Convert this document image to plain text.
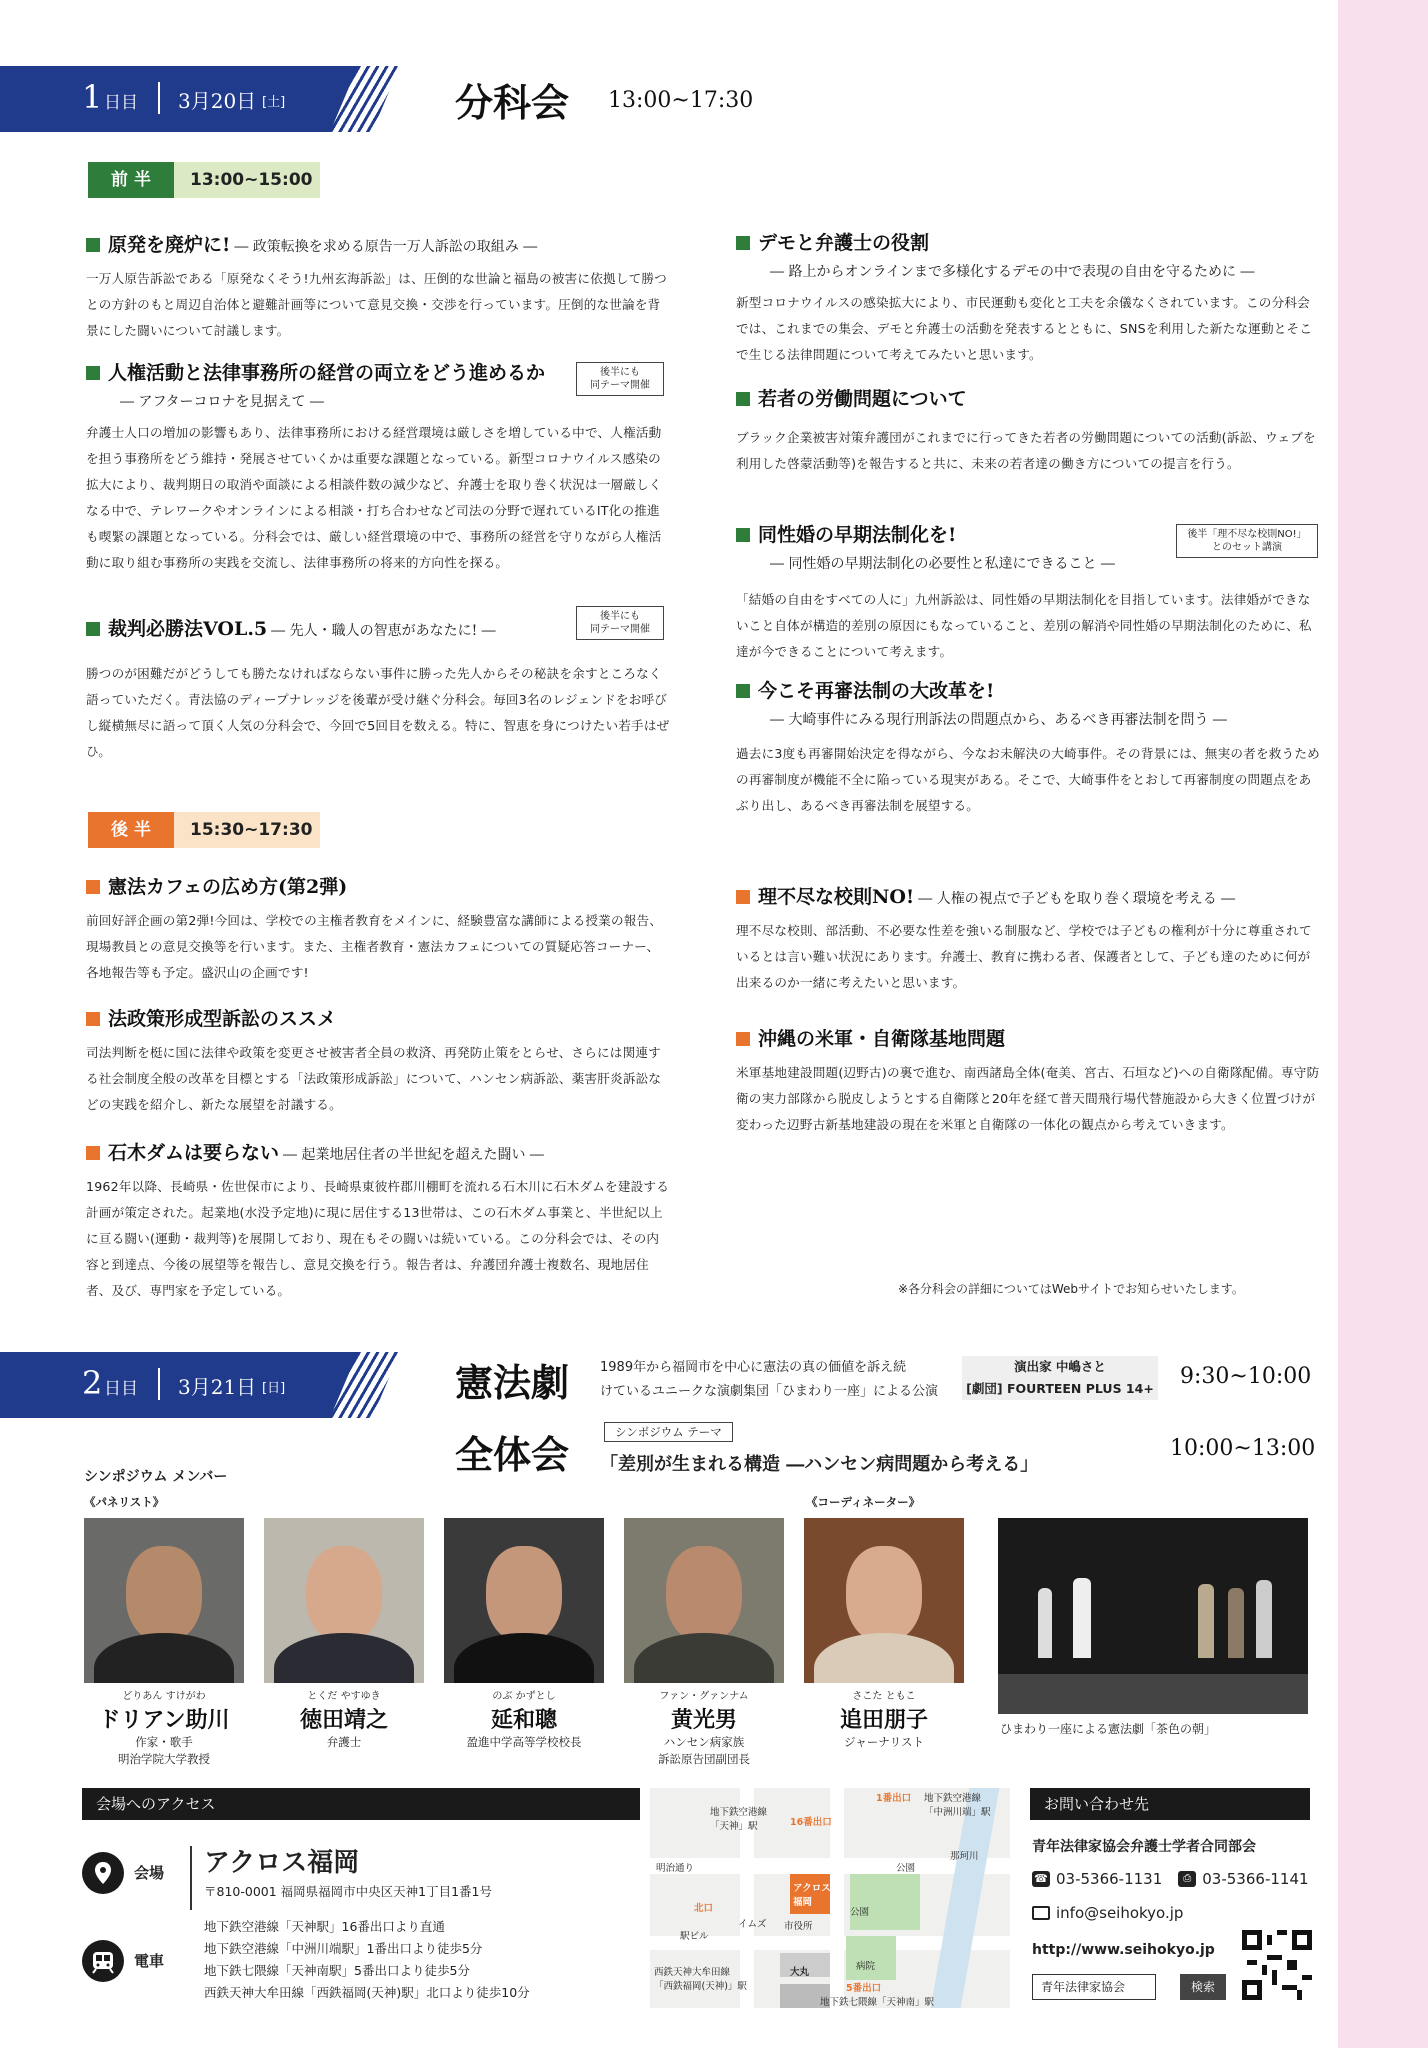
1 日目 3月20日 [土]	分科会 13:00~17:30
前 半	13:00~15:00
原発を廃炉に! ― 政策転換を求める原告一万人訴訟の取組み ―
一万人原告訴訟である「原発なくそう!九州玄海訴訟」は、圧倒的な世論と福島の被害に依拠して勝つとの方針のもと周辺自治体と避難計画等について意見交換・交渉を行っています。圧倒的な世論を背景にした闘いについて討議します。
人権活動と法律事務所の経営の両立をどう進めるか
― アフターコロナを見据えて ―
弁護士人口の増加の影響もあり、法律事務所における経営環境は厳しさを増している中で、人権活動を担う事務所をどう維持・発展させていくかは重要な課題となっている。新型コロナウイルス感染の拡大により、裁判期日の取消や面談による相談件数の減少など、弁護士を取り巻く状況は一層厳しくなる中で、テレワークやオンラインによる相談・打ち合わせなど司法の分野で遅れているIT化の推進も喫緊の課題となっている。分科会では、厳しい経営環境の中で、事務所の経営を守りながら人権活動に取り組む事務所の実践を交流し、法律事務所の将来的方向性を探る。
後半にも
同テーマ開催
裁判必勝法VOL.5 ― 先人・職人の智恵があなたに! ―
勝つのが困難だがどうしても勝たなければならない事件に勝った先人からその秘訣を余すところなく語っていただく。青法協のディープナレッジを後輩が受け継ぐ分科会。毎回3名のレジェンドをお呼びし縦横無尽に語って頂く人気の分科会で、今回で5回目を数える。特に、智恵を身につけたい若手はぜひ。
後半にも
同テーマ開催
デモと弁護士の役割
― 路上からオンラインまで多様化するデモの中で表現の自由を守るために ―
新型コロナウイルスの感染拡大により、市民運動も変化と工夫を余儀なくされています。この分科会では、これまでの集会、デモと弁護士の活動を発表するとともに、SNSを利用した新たな運動とそこで生じる法律問題について考えてみたいと思います。
若者の労働問題について
ブラック企業被害対策弁護団がこれまでに行ってきた若者の労働問題についての活動(訴訟、ウェブを利用した啓蒙活動等)を報告すると共に、未来の若者達の働き方についての提言を行う。
同性婚の早期法制化を!
― 同性婚の早期法制化の必要性と私達にできること ―
「結婚の自由をすべての人に」九州訴訟は、同性婚の早期法制化を目指しています。法律婚ができないこと自体が構造的差別の原因にもなっていること、差別の解消や同性婚の早期法制化のために、私達が今できることについて考えます。
後半「理不尽な校則NO!」
とのセット講演
今こそ再審法制の大改革を!
― 大崎事件にみる現行刑訴法の問題点から、あるべき再審法制を問う ―
過去に3度も再審開始決定を得ながら、今なお未解決の大崎事件。その背景には、無実の者を救うための再審制度が機能不全に陥っている現実がある。そこで、大崎事件をとおして再審制度の問題点をあぶり出し、あるべき再審法制を展望する。
後 半	15:30~17:30
憲法カフェの広め方(第2弾)
前回好評企画の第2弾!今回は、学校での主権者教育をメインに、経験豊富な講師による授業の報告、現場教員との意見交換等を行います。また、主権者教育・憲法カフェについての質疑応答コーナー、各地報告等も予定。盛沢山の企画です!
法政策形成型訴訟のススメ
司法判断を梃に国に法律や政策を変更させ被害者全員の救済、再発防止策をとらせ、さらには関連する社会制度全般の改革を目標とする「法政策形成訴訟」について、ハンセン病訴訟、薬害肝炎訴訟などの実践を紹介し、新たな展望を討議する。
石木ダムは要らない ― 起業地居住者の半世紀を超えた闘い ―
1962年以降、長崎県・佐世保市により、長崎県東彼杵郡川棚町を流れる石木川に石木ダムを建設する計画が策定された。起業地(水没予定地)に現に居住する13世帯は、この石木ダム事業と、半世紀以上に亘る闘い(運動・裁判等)を展開しており、現在もその闘いは続いている。この分科会では、その内容と到達点、今後の展望等を報告し、意見交換を行う。報告者は、弁護団弁護士複数名、現地居住者、及び、専門家を予定している。
理不尽な校則NO! ― 人権の視点で子どもを取り巻く環境を考える ―
理不尽な校則、部活動、不必要な性差を強いる制服など、学校では子どもの権利が十分に尊重されているとは言い難い状況にあります。弁護士、教育に携わる者、保護者として、子ども達のために何が出来るのか一緒に考えたいと思います。
沖縄の米軍・自衛隊基地問題
米軍基地建設問題(辺野古)の裏で進む、南西諸島全体(奄美、宮古、石垣など)への自衛隊配備。専守防衛の実力部隊から脱皮しようとする自衛隊と20年を経て普天間飛行場代替施設から大きく位置づけが変わった辺野古新基地建設の現在を米軍と自衛隊の一体化の観点から考えていきます。
※各分科会の詳細についてはWebサイトでお知らせいたします。
2 日目 3月21日 [日]	憲法劇 1989年から福岡市を中心に憲法の真の価値を訴え続
けているユニークな演劇集団「ひまわり一座」による公演
演出家 中嶋さと
[劇団] FOURTEEN PLUS 14+ 9:30~10:00
全体会	シンポジウム テーマ
「差別が生まれる構造 ―ハンセン病問題から考える」
10:00~13:00
シンポジウム メンバー
《パネリスト》	《コーディネーター》
どりあん すけがわ
ドリアン助川
作家・歌手
明治学院大学教授
とくだ やすゆき
徳田靖之
弁護士
のぶ かずとし
延和聰
盈進中学高等学校校長
ファン・グァンナム
黄光男
ハンセン病家族
訴訟原告団副団長
さこた ともこ
追田朋子
ジャーナリスト
ひまわり一座による憲法劇「茶色の朝」
会場へのアクセス
会場 アクロス福岡
〒810-0001 福岡県福岡市中央区天神1丁目1番1号
電車
地下鉄空港線「天神駅」16番出口より直通
地下鉄空港線「中洲川端駅」1番出口より徒歩5分
地下鉄七隈線「天神南駅」5番出口より徒歩5分
西鉄天神大牟田線「西鉄福岡(天神)駅」北口より徒歩10分
1番出口 地下鉄空港線
「中洲川端」駅
地下鉄空港線
「天神」駅	16番出口
アクロス
福岡
明治通り	公園
那珂川
北口
イムズ 市役所
公園
駅ビル
病院
西鉄天神大牟田線
「西鉄福岡(天神)」駅
大丸
5番出口
地下鉄七隈線「天神南」駅
お問い合わせ先
青年法律家協会弁護士学者合同部会
☎ 03-5366-1131	⎙ 03-5366-1141
info@seihokyo.jp
http://www.seihokyo.jp
青年法律家協会	検索
